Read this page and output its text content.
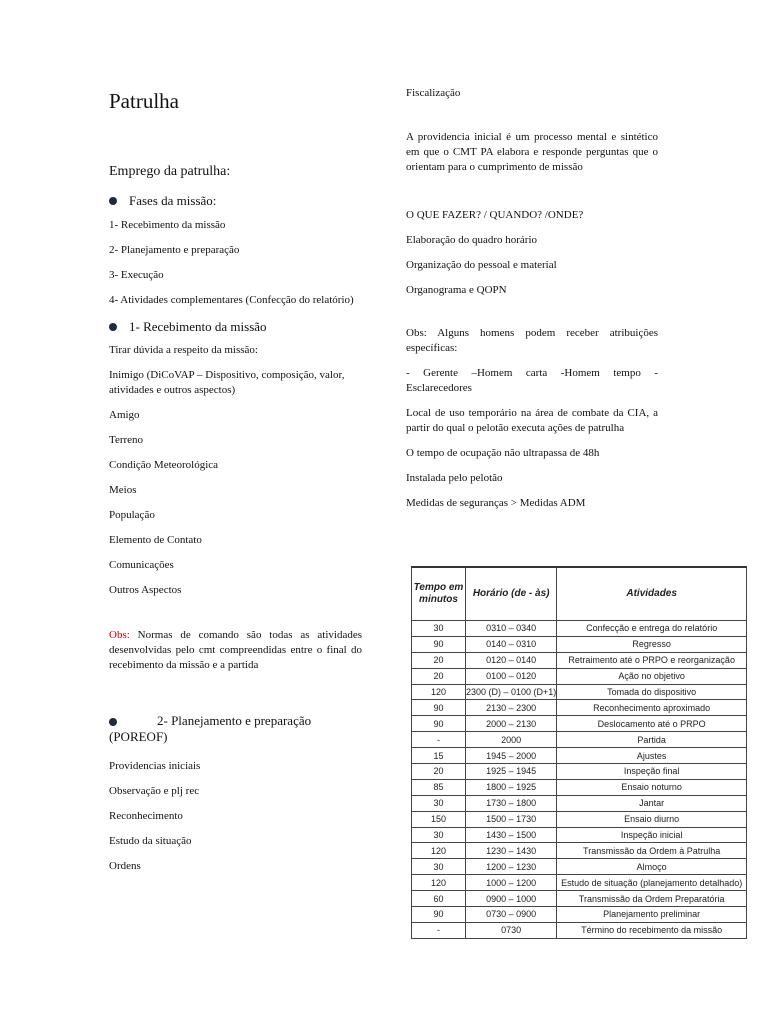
Patrulha
Emprego da patrulha:
Fases da missão:

1- Recebimento da missão

2- Planejamento e preparação

3- Execução

4- Atividades complementares (Confecção do relatório)

1- Recebimento da missão

Tirar dúvida a respeito da missão:

Inimigo (DiCoVAP – Dispositivo, composição, valor, atividades e outros aspectos)

Amigo

Terreno

Condição Meteorológica

Meios

População

Elemento de Contato

Comunicações

Outros Aspectos

Obs: Normas de comando são todas as atividades desenvolvidas pelo cmt compreendidas entre o final do recebimento da missão e a partida

2- Planejamento e preparação (POREOF)

Providencias iniciais

Observação e plj rec

Reconhecimento

Estudo da situação

Ordens

Fiscalização

A providencia inicial é um processo mental e sintético em que o CMT PA elabora e responde perguntas que o orientam para o cumprimento de missão

O QUE FAZER? / QUANDO? /ONDE?

Elaboração do quadro horário

Organização do pessoal e material

Organograma e QOPN

Obs: Alguns homens podem receber atribuições específicas:

- Gerente –Homem carta -Homem tempo -Esclarecedores

Local de uso temporário na área de combate da CIA, a partir do qual o pelotão executa ações de patrulha

O tempo de ocupação não ultrapassa de 48h

Instalada pelo pelotão

Medidas de seguranças > Medidas ADM

Tempo em minutos	Horário (de - às)	Atividades
30	0310 – 0340	Confecção e entrega do relatório
90	0140 – 0310	Regresso
20	0120 – 0140	Retraimento até o PRPO e reorganização
20	0100 – 0120	Ação no objetivo
120	2300 (D) – 0100 (D+1)	Tomada do dispositivo
90	2130 – 2300	Reconhecimento aproximado
90	2000 – 2130	Deslocamento até o PRPO
-	2000	Partida
15	1945 – 2000	Ajustes
20	1925 – 1945	Inspeção final
85	1800 – 1925	Ensaio noturno
30	1730 – 1800	Jantar
150	1500 – 1730	Ensaio diurno
30	1430 – 1500	Inspeção inicial
120	1230 – 1430	Transmissão da Ordem à Patrulha
30	1200 – 1230	Almoço
120	1000 – 1200	Estudo de situação (planejamento detalhado)
60	0900 – 1000	Transmissão da Ordem Preparatória
90	0730 – 0900	Planejamento preliminar
-	0730	Término do recebimento da missão
